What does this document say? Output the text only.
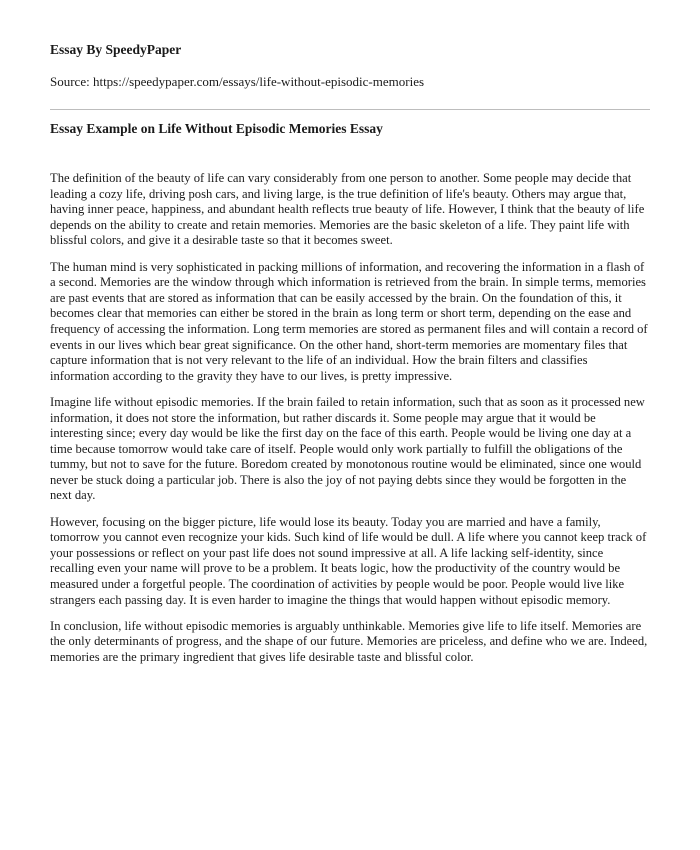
Essay By SpeedyPaper
Source: https://speedypaper.com/essays/life-without-episodic-memories
Essay Example on Life Without Episodic Memories Essay

The definition of the beauty of life can vary considerably from one person to another. Some people may decide that leading a cozy life, driving posh cars, and living large, is the true definition of life's beauty. Others may argue that, having inner peace, happiness, and abundant health reflects true beauty of life. However, I think that the beauty of life depends on the ability to create and retain memories. Memories are the basic skeleton of a life. They paint life with blissful colors, and give it a desirable taste so that it becomes sweet.

The human mind is very sophisticated in packing millions of information, and recovering the information in a flash of a second. Memories are the window through which information is retrieved from the brain. In simple terms, memories are past events that are stored as information that can be easily accessed by the brain. On the foundation of this, it becomes clear that memories can either be stored in the brain as long term or short term, depending on the ease and frequency of accessing the information. Long term memories are stored as permanent files and will contain a record of events in our lives which bear great significance. On the other hand, short-term memories are momentary files that capture information that is not very relevant to the life of an individual. How the brain filters and classifies information according to the gravity they have to our lives, is pretty impressive.

Imagine life without episodic memories. If the brain failed to retain information, such that as soon as it processed new information, it does not store the information, but rather discards it. Some people may argue that it would be interesting since; every day would be like the first day on the face of this earth. People would be living one day at a time because tomorrow would take care of itself. People would only work partially to fulfill the obligations of the tummy, but not to save for the future. Boredom created by monotonous routine would be eliminated, since one would never be stuck doing a particular job. There is also the joy of not paying debts since they would be forgotten in the next day.

However, focusing on the bigger picture, life would lose its beauty. Today you are married and have a family, tomorrow you cannot even recognize your kids. Such kind of life would be dull. A life where you cannot keep track of your possessions or reflect on your past life does not sound impressive at all. A life lacking self-identity, since recalling even your name will prove to be a problem. It beats logic, how the productivity of the country would be measured under a forgetful people. The coordination of activities by people would be poor. People would live like strangers each passing day. It is even harder to imagine the things that would happen without episodic memory.

In conclusion, life without episodic memories is arguably unthinkable. Memories give life to life itself. Memories are the only determinants of progress, and the shape of our future. Memories are priceless, and define who we are. Indeed, memories are the primary ingredient that gives life desirable taste and blissful color.
